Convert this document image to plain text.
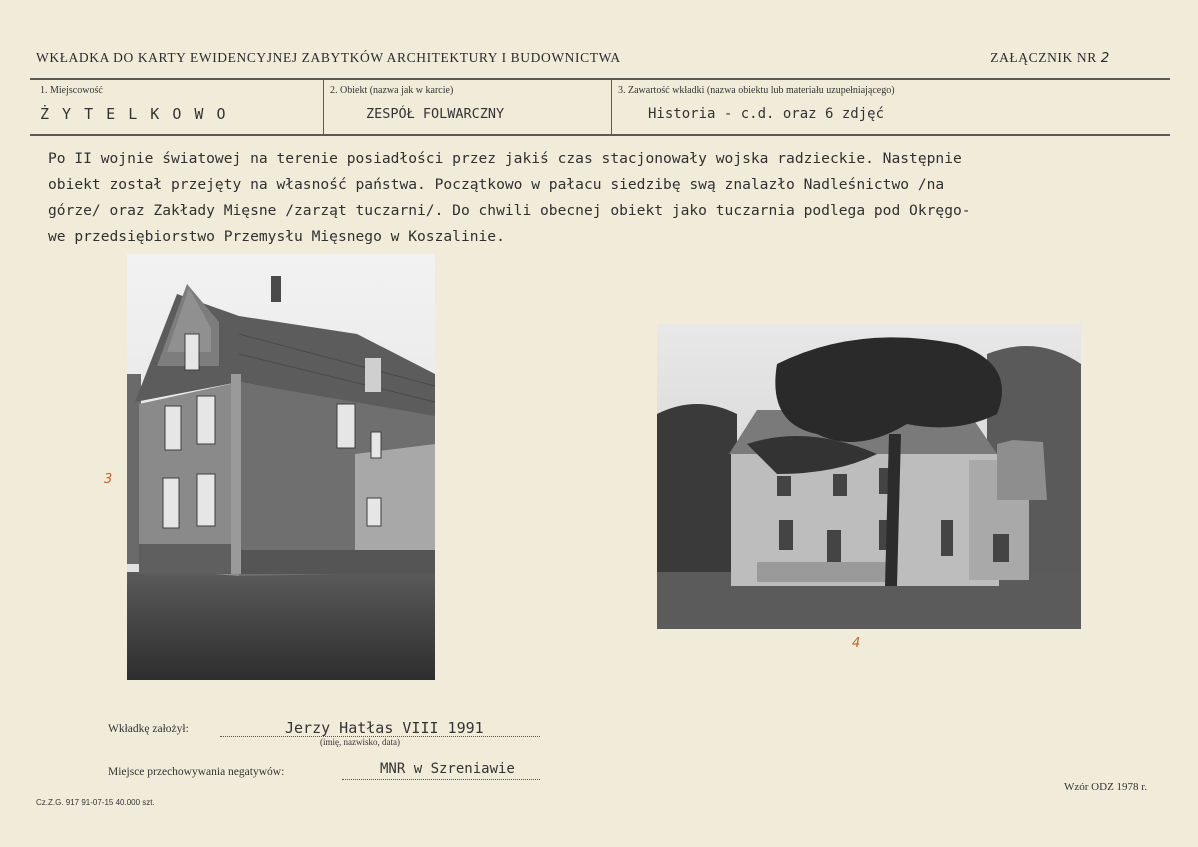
WKŁADKA DO KARTY EWIDENCYJNEJ ZABYTKÓW ARCHITEKTURY I BUDOWNICTWA	ZAŁĄCZNIK NR 2
1. Miejscowość
Ż Y T E L K O W O
2. Obiekt (nazwa jak w karcie)
ZESPÓŁ FOLWARCZNY
3. Zawartość wkładki (nazwa obiektu lub materiału uzupełniającego)
Historia - c.d. oraz 6 zdjęć
Po II wojnie światowej na terenie posiadłości przez jakiś czas stacjonowały wojska radzieckie. Następnie
obiekt został przejęty na własność państwa. Początkowo w pałacu siedzibę swą znalazło Nadleśnictwo /na
górze/ oraz Zakłady Mięsne /zarząt tuczarni/. Do chwili obecnej obiekt jako tuczarnia podlega pod Okręgo-
we przedsiębiorstwo Przemysłu Mięsnego w Koszalinie.
3
4
Wkładkę założył:	Jerzy Hatłas VIII 1991
(imię, nazwisko, data)
Miejsce przechowywania negatywów:	MNR w Szreniawie
Cz.Z.G. 917 91-07-15 40.000 szt.
Wzór ODZ 1978 r.
